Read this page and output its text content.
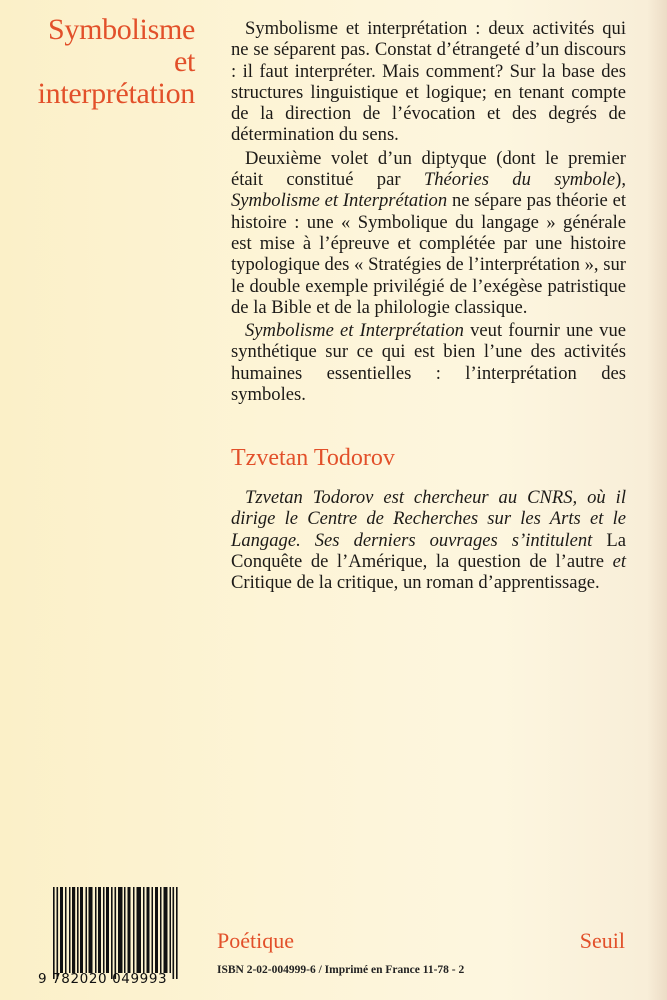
Symbolisme
et
interprétation

Symbolisme et interprétation : deux activités qui ne se séparent pas. Constat d’étrangeté d’un discours : il faut interpréter. Mais comment? Sur la base des structures linguistique et logique; en tenant compte de la direction de l’évocation et des degrés de détermination du sens.

Deuxième volet d’un diptyque (dont le premier était constitué par Théories du symbole), Symbolisme et Interprétation ne sépare pas théorie et histoire : une « Symbolique du langage » générale est mise à l’épreuve et complétée par une histoire typologique des « Stratégies de l’interprétation », sur le double exemple privilégié de l’exégèse patristique de la Bible et de la philologie classique.

Symbolisme et Interprétation veut fournir une vue synthétique sur ce qui est bien l’une des activités humaines essentielles : l’interprétation des symboles.

Tzvetan Todorov
Tzvetan Todorov est chercheur au CNRS, où il dirige le Centre de Recherches sur les Arts et le Langage. Ses derniers ouvrages s’intitulent La Conquête de l’Amérique, la question de l’autre et Critique de la critique, un roman d’apprentissage.
9 782020 049993
Poétique	Seuil
ISBN 2-02-004999-6 / Imprimé en France 11-78 - 2
